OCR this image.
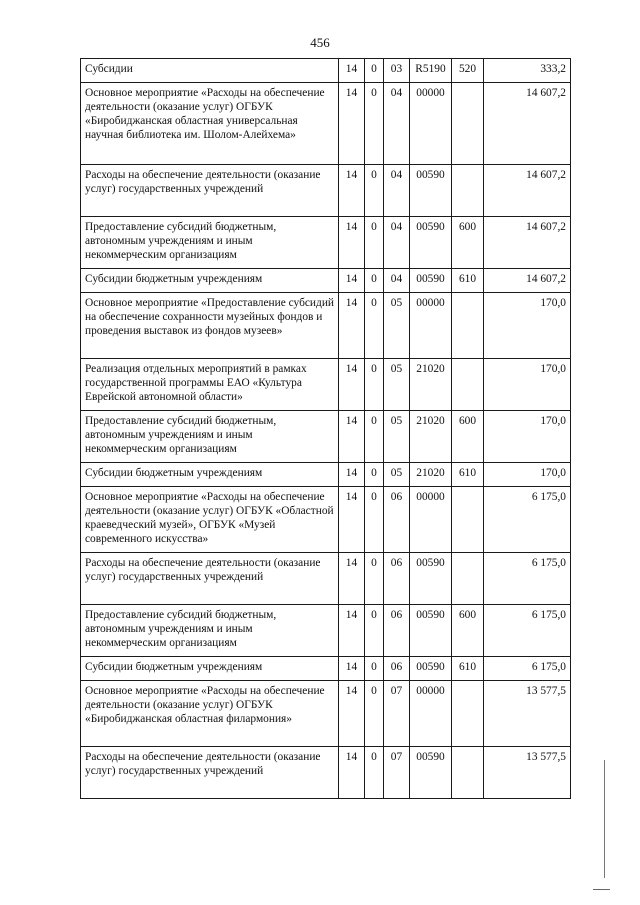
456
Субсидии	14	0	03	R5190	520	333,2
Основное мероприятие «Расходы на обеспечение деятельности (оказание услуг) ОГБУК «Биробиджанская областная универсальная научная библиотека им. Шолом-Алейхема»	14	0	04	00000		14 607,2
Расходы на обеспечение деятельности (оказание услуг) государственных учреждений	14	0	04	00590		14 607,2
Предоставление субсидий бюджетным, автономным учреждениям и иным некоммерческим организациям	14	0	04	00590	600	14 607,2
Субсидии бюджетным учреждениям	14	0	04	00590	610	14 607,2
Основное мероприятие «Предоставление субсидий на обеспечение сохранности музейных фондов и проведения выставок из фондов музеев»	14	0	05	00000		170,0
Реализация отдельных мероприятий в рамках государственной программы ЕАО «Культура Еврейской автономной области»	14	0	05	21020		170,0
Предоставление субсидий бюджетным, автономным учреждениям и иным некоммерческим организациям	14	0	05	21020	600	170,0
Субсидии бюджетным учреждениям	14	0	05	21020	610	170,0
Основное мероприятие «Расходы на обеспечение деятельности (оказание услуг) ОГБУК «Областной краеведческий музей», ОГБУК «Музей современного искусства»	14	0	06	00000		6 175,0
Расходы на обеспечение деятельности (оказание услуг) государственных учреждений	14	0	06	00590		6 175,0
Предоставление субсидий бюджетным, автономным учреждениям и иным некоммерческим организациям	14	0	06	00590	600	6 175,0
Субсидии бюджетным учреждениям	14	0	06	00590	610	6 175,0
Основное мероприятие «Расходы на обеспечение деятельности (оказание услуг) ОГБУК «Биробиджанская областная филармония»	14	0	07	00000		13 577,5
Расходы на обеспечение деятельности (оказание услуг) государственных учреждений	14	0	07	00590		13 577,5
